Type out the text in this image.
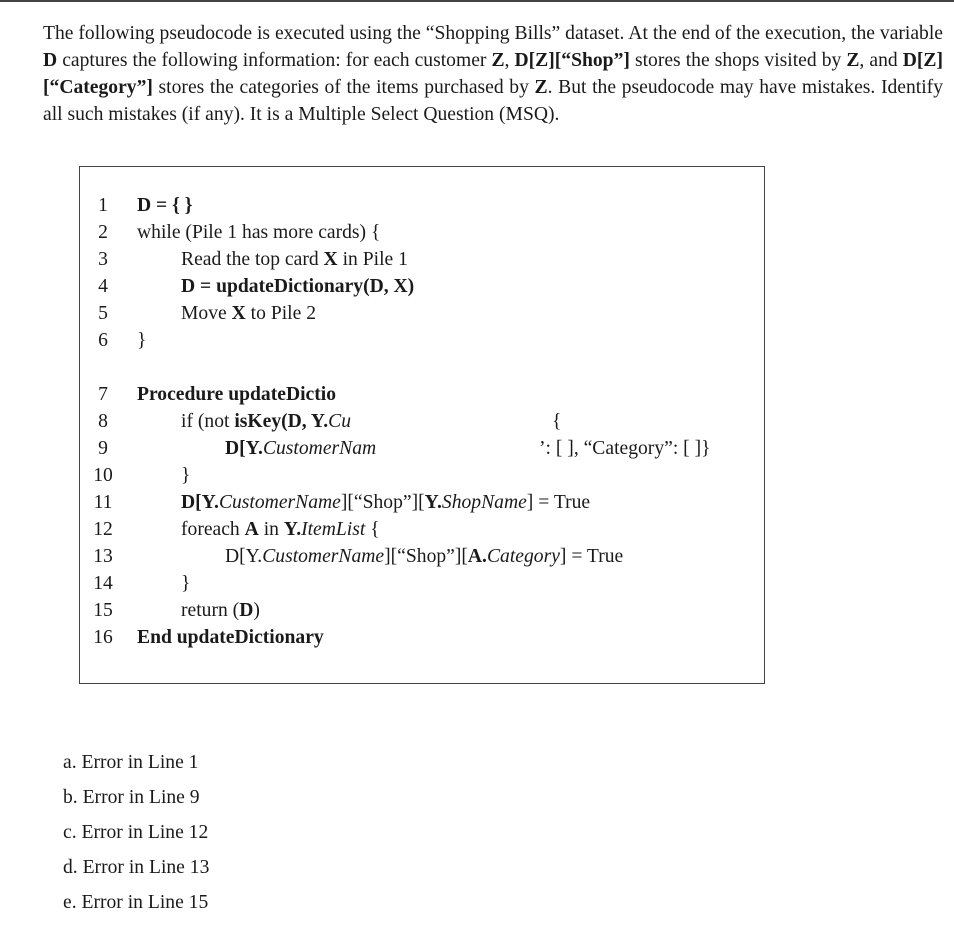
The following pseudocode is executed using the “Shopping Bills” dataset. At the end of the execution, the variable D captures the following information: for each customer Z, D[Z][“Shop”] stores the shops visited by Z, and D[Z][“Category”] stores the categories of the items purchased by Z. But the pseudocode may have mistakes. Identify all such mistakes (if any). It is a Multiple Select Question (MSQ).
1
2
3
4
5
6
7
8
9
10
11
12
13
14
15
16
D = { }
while (Pile 1 has more cards) {
Read the top card X in Pile 1
D = updateDictionary(D, X)
Move X to Pile 2
}
Procedure updateDictio
if (not isKey(D, Y.Cu	{
D[Y.CustomerNam	’: [ ], “Category”: [ ]}
}
D[Y.CustomerName][“Shop”][Y.ShopName] = True
foreach A in Y.ItemList {
D[Y.CustomerName][“Shop”][A.Category] = True
}
return (D)
End updateDictionary
a. Error in Line 1
b. Error in Line 9
c. Error in Line 12
d. Error in Line 13
e. Error in Line 15
